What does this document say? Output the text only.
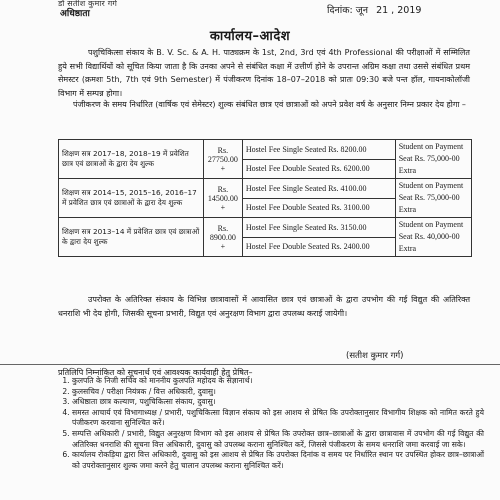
डॉ सतीश कुमार गर्ग
अधिष्ठाता	दिनांक: जून 21 , 2019
कार्यालय–आदेश
पशुचिकित्सा संकाय के B. V. Sc. & A. H. पाठ्यक्रम के 1st, 2nd, 3rd एवं 4th Professional की परीक्षाओं में सम्मिलित हुये सभी विद्यार्थियों को सूचित किया जाता है कि उनका अपने से संबंधित कक्षा में उत्तीर्ण होने के उपरान्त अग्रिम कक्षा तथा उससे संबंधित प्रथम सेमस्टर (क्रमशः 5th, 7th एवं 9th Semester) में पंजीकरण दिनांक 18–07–2018 को प्रातः 09:30 बजे पन्त हॉल, गायनाकोलॉजी विभाग में सम्पन्न होगा।
पंजीकरण के समय निर्धारित (वार्षिक एवं सेमेस्टर) शुल्क संबंधित छात्र एवं छात्राओं को अपने प्रवेश वर्ष के अनुसार निम्न प्रकार देय होगा –
शिक्षण सत्र 2017–18, 2018–19 में प्रवेशित छात्र एवं छात्राओं के द्वारा देय शुल्क	Rs. 27750.00 +	Hostel Fee Single Seated Rs. 8200.00	Student on Payment Seat Rs. 75,000-00 Extra
		Hostel Fee Double Seated Rs. 6200.00	
शिक्षण सत्र 2014–15, 2015–16, 2016–17 में प्रवेशित छात्र एवं छात्राओं के द्वारा देय शुल्क	Rs. 14500.00 +	Hostel Fee Single Seated Rs. 4100.00	Student on Payment Seat Rs. 75,000-00 Extra
		Hostel Fee Double Seated Rs. 3100.00	
शिक्षण सत्र 2013–14 में प्रवेशित छात्र एवं छात्राओं के द्वारा देय शुल्क	Rs. 8900.00 +	Hostel Fee Single Seated Rs. 3150.00	Student on Payment Seat Rs. 40,000-00 Extra
		Hostel Fee Double Seated Rs. 2400.00	
उपरोक्त के अतिरिक्त संकाय के विभिन्न छात्रावासों में आवासित छात्र एवं छात्राओं के द्वारा उपभोग की गई विद्युत की अतिरिक्त धनराशि भी देय होगी, जिसकी सूचना प्रभारी, विद्युत एवं अनुरक्षण विभाग द्वारा उपलब्ध कराई जायेगी।
(सतीश कुमार गर्ग)
प्रतिलिपि निम्नांकित को सूचनार्थ एवं आवश्यक कार्यवाही हेतु प्रेषित–
1. कुलपति के निजी सचिव को माननीय कुलपति महोदय के संज्ञानार्थ।
2. कुलसचिव / परीक्षा नियंत्रक / वित्त अधिकारी, दुवासु।
3. अधिष्ठाता छात्र कल्याण, पशुचिकित्सा संकाय, दुवासु।
4. समस्त आचार्य एवं विभागाध्यक्ष / प्रभारी, पशुचिकित्सा विज्ञान संकाय को इस आशय से प्रेषित कि उपरोक्तानुसार विभागीय शिक्षक को नामित करते हुये पंजीकरण करवाना सुनिश्चित करें।
5. सम्पत्ति अधिकारी / प्रभारी, विद्युत अनुरक्षण विभाग को इस आशय से प्रेषित कि उपरोक्त छात्र–छात्राओं के द्वारा छात्रावास में उपभोग की गई विद्युत की अतिरिक्त धनराशि की सूचना वित्त अधिकारी, दुवासु को उपलब्ध कराना सुनिश्चित करें, जिससे पंजीकरण के समय धनराशि जमा करवाई जा सके।
6. कार्यालय रोकड़िया द्वारा वित्त अधिकारी, दुवासु को इस आशय से प्रेषित कि उपरोक्त दिनांक व समय पर निर्धारित स्थान पर उपस्थित होकर छात्र–छात्राओं को उपरोक्तानुसार शुल्क जमा करने हेतु चालान उपलब्ध कराना सुनिश्चित करें।
